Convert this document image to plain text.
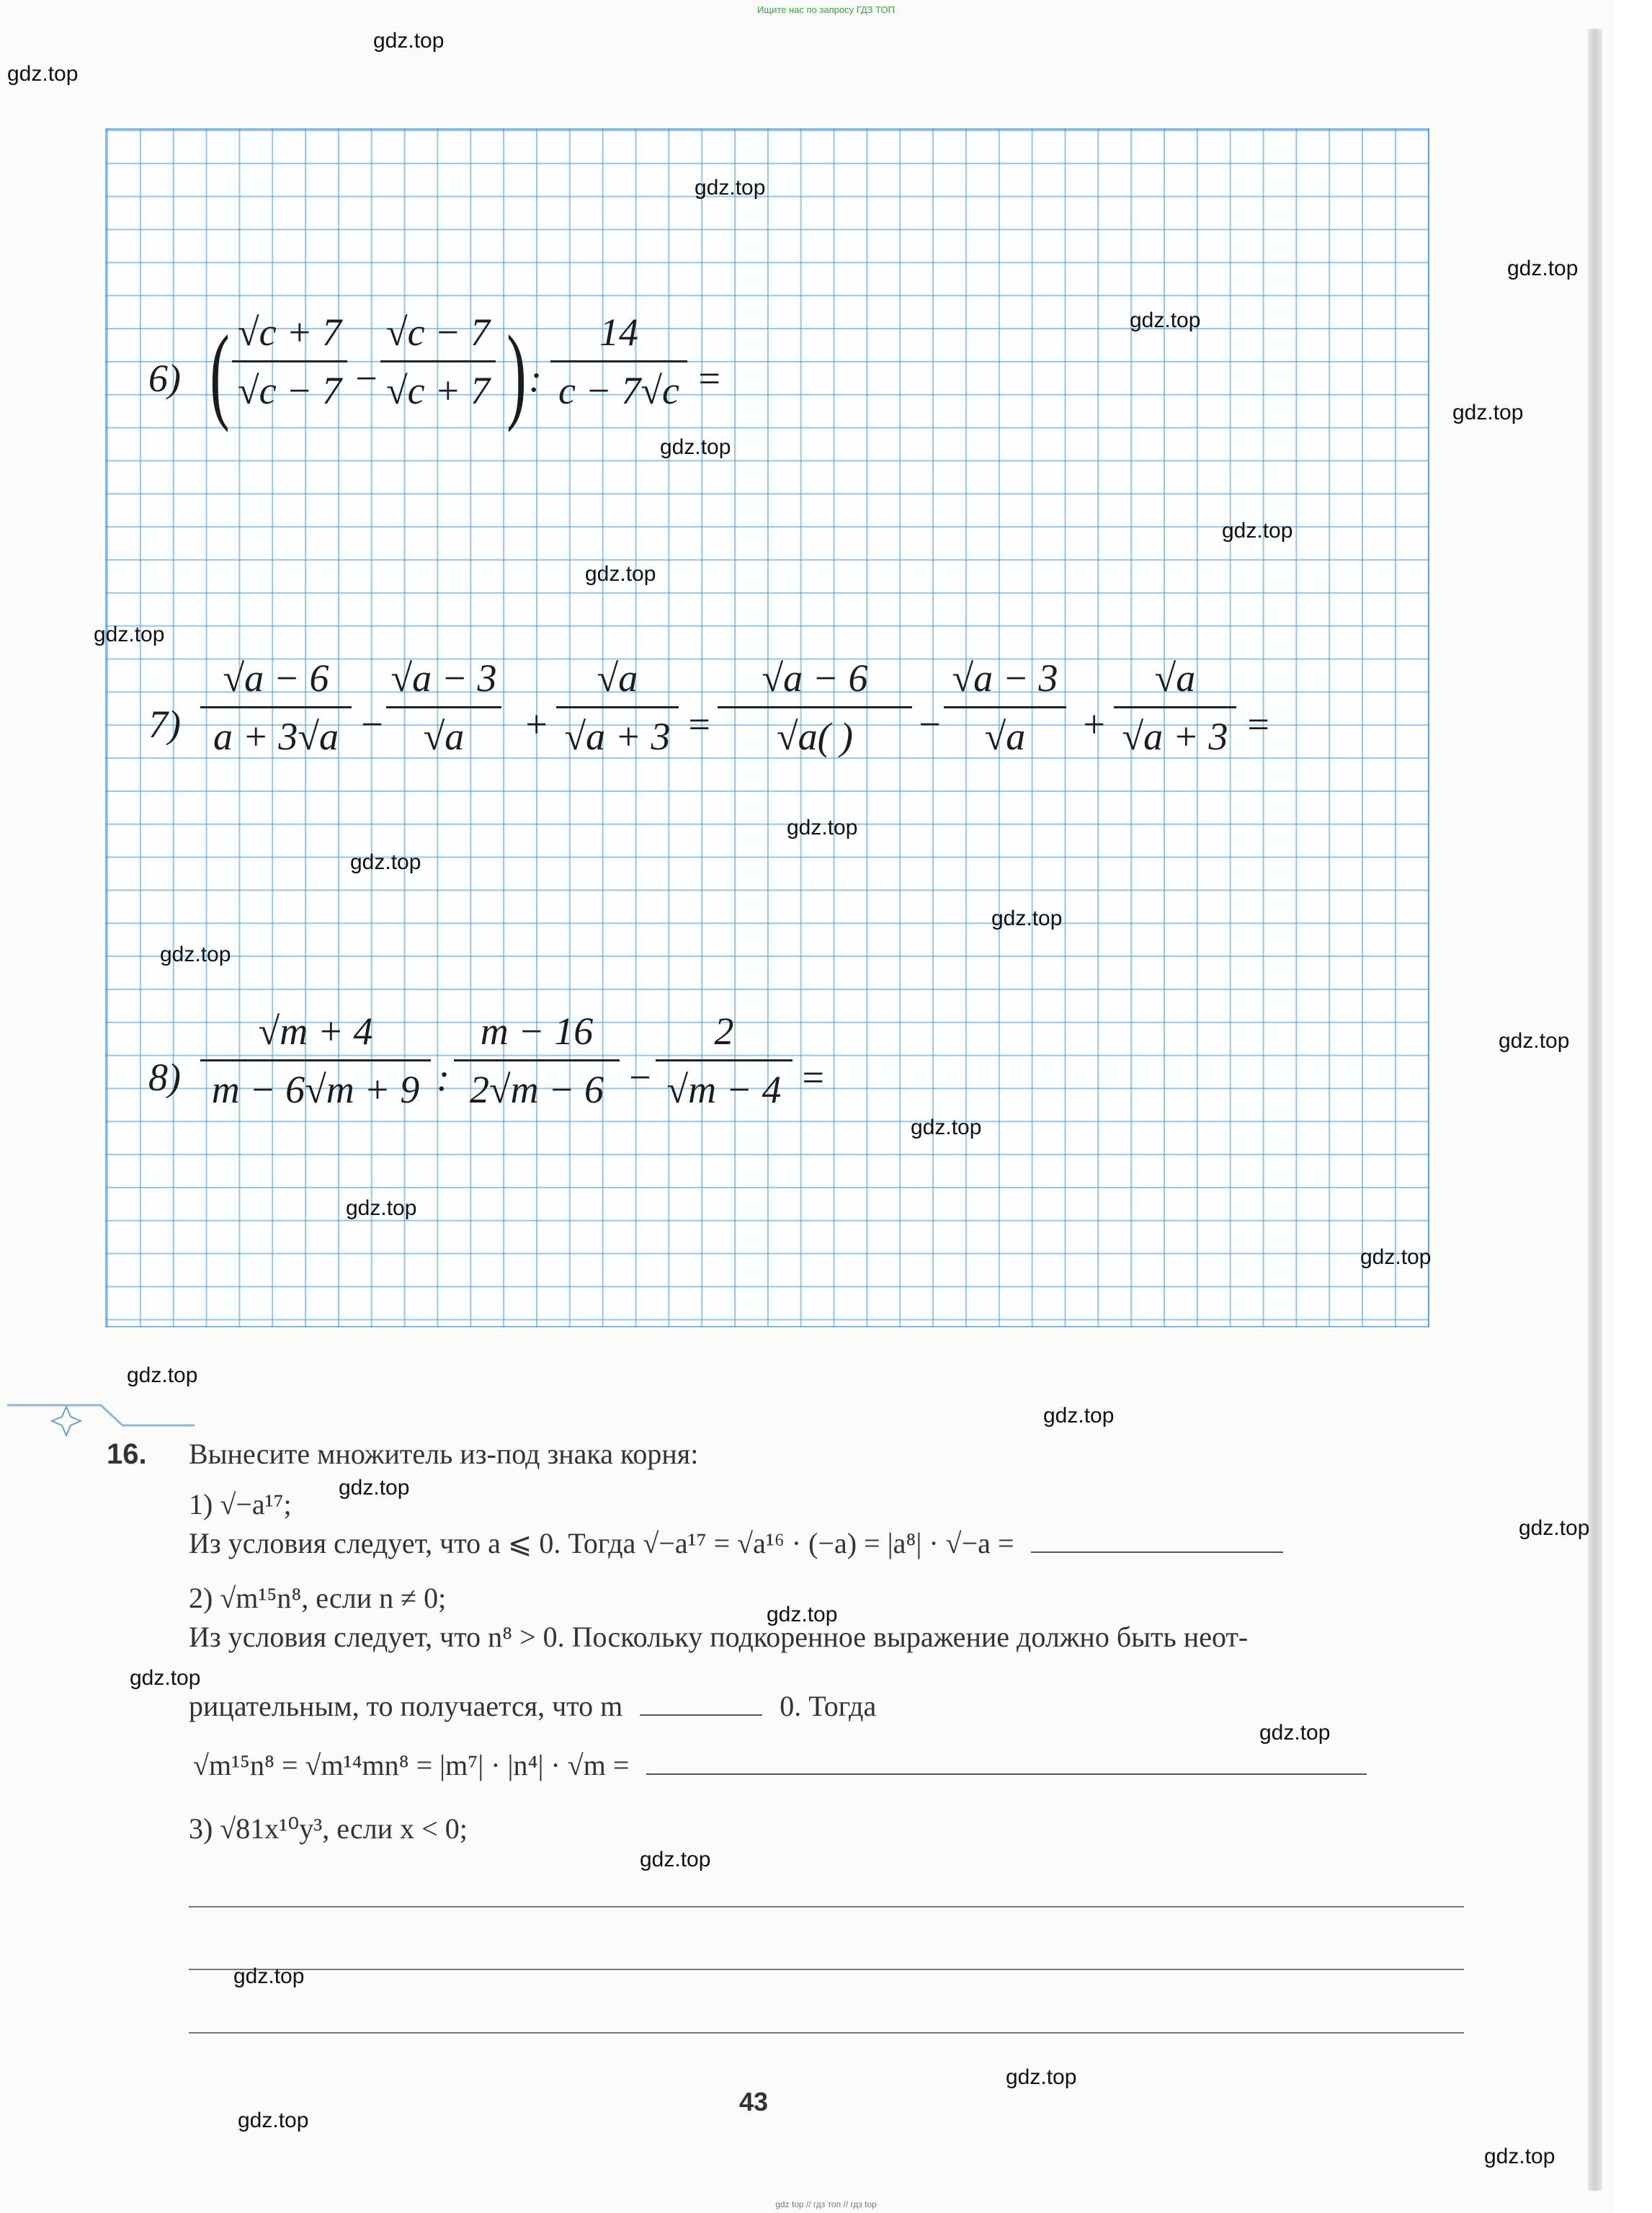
Ищите нас по запросу ГДЗ ТОП
6) ( √c + 7
√c − 7 −
√c − 7
√c + 7 ) :
14
c − 7√c =
7)
√a − 6
a + 3√a −
√a − 3
√a	+
√a
√a + 3 =
√a − 6
√a( )	−
√a − 3
√a	+
√a
√a + 3 =
8)
√m + 4
m − 6√m + 9 :
m − 16
2√m − 6 −
2
√m − 4 =
16. Вынесите множитель из-под знака корня:
1) √−a¹⁷;
Из условия следует, что a ⩽ 0. Тогда √−a¹⁷ = √a¹⁶ · (−a) = |a⁸| · √−a =
2) √m¹⁵n⁸, если n ≠ 0;
Из условия следует, что n⁸ > 0. Поскольку подкоренное выражение должно быть неот-
рицательным, то получается, что m	0. Тогда
√m¹⁵n⁸ = √m¹⁴mn⁸ = |m⁷| · |n⁴| · √m =
3) √81x¹⁰y³, если x < 0;
43
gdz.top
gdz.top
gdz.top
gdz.top
gdz.top
gdz.top
gdz.top
gdz.top
gdz.top
gdz.top
gdz.top
gdz.top
gdz.top
gdz.top
gdz.top
gdz.top
gdz.top
gdz.top
gdz.top
gdz.top
gdz.top
gdz.top
gdz.top
gdz.top
gdz.top
gdz.top
gdz.top
gdz.top
gdz.top
gdz.top
gdz top // гдз топ // гдз top
